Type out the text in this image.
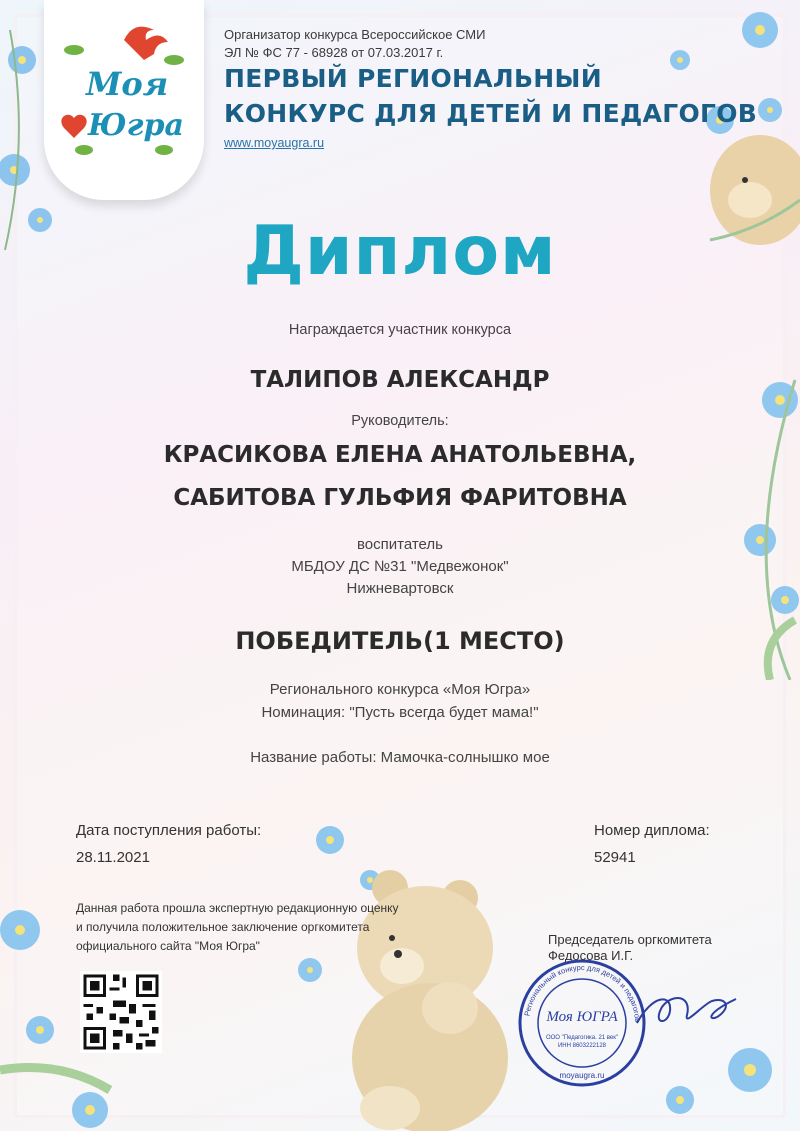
Моя
Югра
Организатор конкурса Всероссийское СМИ
ЭЛ № ФС 77 - 68928 от 07.03.2017 г.
ПЕРВЫЙ РЕГИОНАЛЬНЫЙ
КОНКУРС ДЛЯ ДЕТЕЙ И ПЕДАГОГОВ
www.moyaugra.ru
Диплом
Награждается участник конкурса
ТАЛИПОВ АЛЕКСАНДР
Руководитель:
КРАСИКОВА ЕЛЕНА АНАТОЛЬЕВНА,
САБИТОВА ГУЛЬФИЯ ФАРИТОВНА
воспитатель
МБДОУ ДС №31 "Медвежонок"
Нижневартовск
ПОБЕДИТЕЛЬ(1 МЕСТО)
Регионального конкурса «Моя Югра»
Номинация: "Пусть всегда будет мама!"
Название работы: Мамочка-солнышко мое
Дата поступления работы:
28.11.2021
Номер диплома:
52941
Данная работа прошла экспертную редакционную оценку
и получила положительное заключение оргкомитета
официального сайта "Моя Югра"	Председатель оргкомитета
Федосова И.Г.
Региональный конкурс для детей и педагогов
Моя ЮГРА
ООО "Педагогика. 21 век"
ИНН 8603222128
moyaugra.ru
